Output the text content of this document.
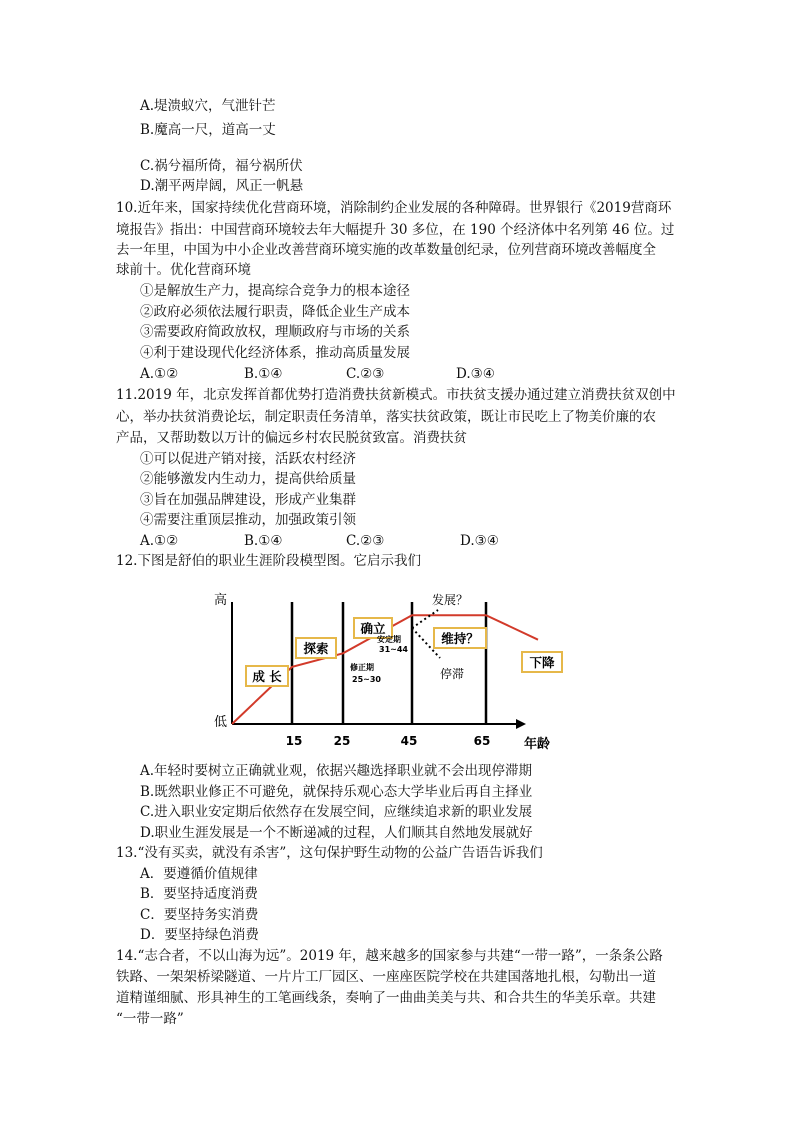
A.堤溃蚁穴，气泄针芒
B.魔高一尺，道高一丈
C.祸兮福所倚，福兮祸所伏
D.潮平两岸阔，风正一帆悬
10.近年来，国家持续优化营商环境，消除制约企业发展的各种障碍。世界银行《2019营商环
境报告》指出：中国营商环境较去年大幅提升 30 多位，在 190 个经济体中名列第 46 位。过
去一年里，中国为中小企业改善营商环境实施的改革数量创纪录，位列营商环境改善幅度全
球前十。优化营商环境
①是解放生产力，提高综合竞争力的根本途径
②政府必须依法履行职责，降低企业生产成本
③需要政府简政放权，理顺政府与市场的关系
④利于建设现代化经济体系，推动高质量发展
A.①②	B.①④	C.②③	D.③④
11.2019 年，北京发挥首都优势打造消费扶贫新模式。市扶贫支援办通过建立消费扶贫双创中
心，举办扶贫消费论坛，制定职责任务清单，落实扶贫政策，既让市民吃上了物美价廉的农
产品，又帮助数以万计的偏远乡村农民脱贫致富。消费扶贫
①可以促进产销对接，活跃农村经济
②能够激发内生动力，提高供给质量
③旨在加强品牌建设，形成产业集群
④需要注重顶层推动，加强政策引领
A.①②	B.①④	C.②③	D.③④
12.下图是舒伯的职业生涯阶段模型图。它启示我们
高
低
年龄
15	25	45	65
成 长
探索
确立
维持？
下降
发展？
停滞
安定期
31~44
修正期
25~30
A.年轻时要树立正确就业观，依据兴趣选择职业就不会出现停滞期
B.既然职业修正不可避免，就保持乐观心态大学毕业后再自主择业
C.进入职业安定期后依然存在发展空间，应继续追求新的职业发展
D.职业生涯发展是一个不断递减的过程，人们顺其自然地发展就好
13.“没有买卖，就没有杀害”，这句保护野生动物的公益广告语告诉我们
A．要遵循价值规律
B．要坚持适度消费
C．要坚持务实消费
D．要坚持绿色消费
14.“志合者，不以山海为远”。2019 年，越来越多的国家参与共建“一带一路”，一条条公路
铁路、一架架桥梁隧道、一片片工厂园区、一座座医院学校在共建国落地扎根，勾勒出一道
道精谨细腻、形具神生的工笔画线条，奏响了一曲曲美美与共、和合共生的华美乐章。共建
“一带一路”
